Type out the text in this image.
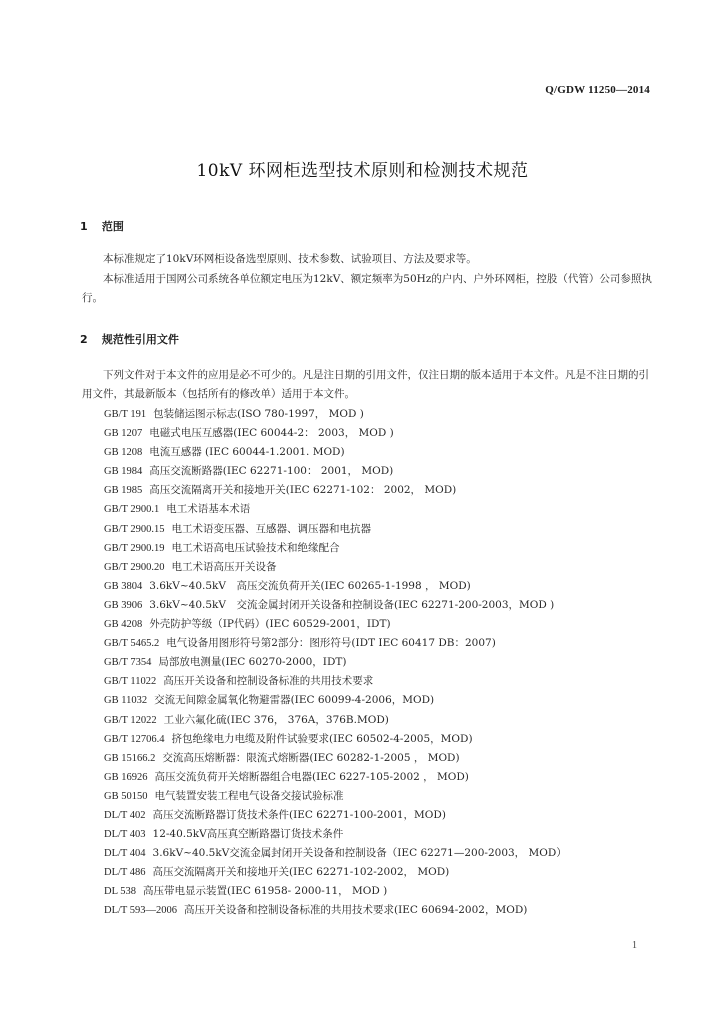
Q/GDW 11250—2014
10kV 环网柜选型技术原则和检测技术规范
1 范围

本标准规定了10kV环网柜设备选型原则、技术参数、试验项目、方法及要求等。

本标准适用于国网公司系统各单位额定电压为12kV、额定频率为50Hz的户内、户外环网柜，控股（代管）公司参照执行。

2 规范性引用文件

下列文件对于本文件的应用是必不可少的。凡是注日期的引用文件，仅注日期的版本适用于本文件。凡是不注日期的引用文件，其最新版本（包括所有的修改单）适用于本文件。

GB/T 191 包装储运图示标志(ISO 780-1997， MOD )
GB 1207 电磁式电压互感器(IEC 60044-2： 2003， MOD )
GB 1208 电流互感器 (IEC 60044-1.2001. MOD)
GB 1984 高压交流断路器(IEC 62271-100： 2001， MOD)
GB 1985 高压交流隔离开关和接地开关(IEC 62271-102： 2002， MOD)
GB/T 2900.1 电工术语基本术语
GB/T 2900.15 电工术语变压器、互感器、调压器和电抗器
GB/T 2900.19 电工术语高电压试验技术和绝缘配合
GB/T 2900.20 电工术语高压开关设备
GB 3804 3.6kV~40.5kV　高压交流负荷开关(IEC 60265-1-1998 ， MOD)
GB 3906 3.6kV~40.5kV　交流金属封闭开关设备和控制设备(IEC 62271-200-2003，MOD )
GB 4208 外壳防护等级（IP代码）(IEC 60529-2001，IDT)
GB/T 5465.2 电气设备用图形符号第2部分：图形符号(IDT IEC 60417 DB：2007)
GB/T 7354 局部放电测量(IEC 60270-2000，IDT)
GB/T 11022 高压开关设备和控制设备标准的共用技术要求
GB 11032 交流无间隙金属氧化物避雷器(IEC 60099-4-2006，MOD)
GB/T 12022 工业六氟化硫(IEC 376， 376A，376B.MOD)
GB/T 12706.4 挤包绝缘电力电缆及附件试验要求(IEC 60502-4-2005，MOD)
GB 15166.2 交流高压熔断器：限流式熔断器(IEC 60282-1-2005 ， MOD)
GB 16926 高压交流负荷开关熔断器组合电器(IEC 6227-105-2002 ， MOD)
GB 50150 电气装置安装工程电气设备交接试验标准
DL/T 402 高压交流断路器订货技术条件(IEC 62271-100-2001，MOD)
DL/T 403 12-40.5kV高压真空断路器订货技术条件
DL/T 404 3.6kV~40.5kV交流金属封闭开关设备和控制设备（IEC 62271—200-2003， MOD）
DL/T 486 高压交流隔离开关和接地开关(IEC 62271-102-2002， MOD)
DL 538 高压带电显示装置(IEC 61958- 2000-11， MOD )
DL/T 593—2006 高压开关设备和控制设备标准的共用技术要求(IEC 60694-2002，MOD)
1
